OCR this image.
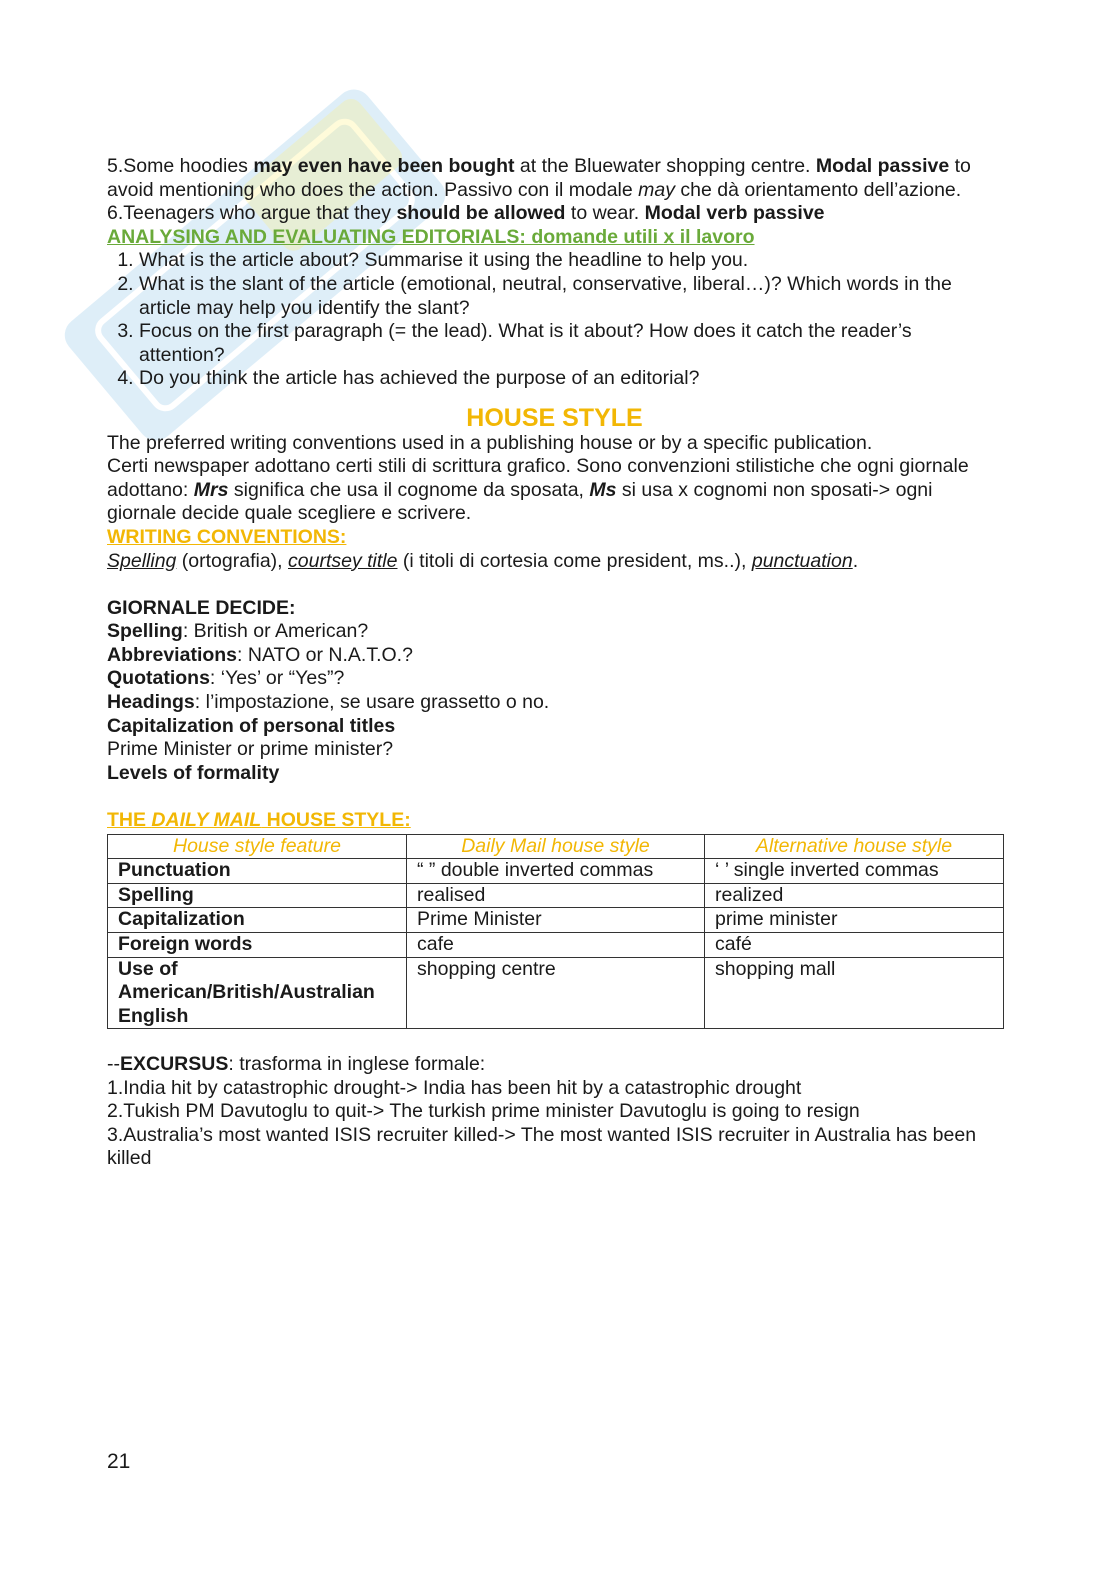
5.Some hoodies may even have been bought at the Bluewater shopping centre. Modal passive to avoid mentioning who does the action. Passivo con il modale may che dà orientamento dell’azione.

6.Teenagers who argue that they should be allowed to wear. Modal verb passive

ANALYSING AND EVALUATING EDITORIALS: domande utili x il lavoro

1. What is the article about? Summarise it using the headline to help you.
2. What is the slant of the article (emotional, neutral, conservative, liberal…)? Which words in the article may help you identify the slant?
3. Focus on the first paragraph (= the lead). What is it about? How does it catch the reader’s attention?
4. Do you think the article has achieved the purpose of an editorial?

HOUSE STYLE

The preferred writing conventions used in a publishing house or by a specific publication.

Certi newspaper adottano certi stili di scrittura grafico. Sono convenzioni stilistiche che ogni giornale adottano: Mrs significa che usa il cognome da sposata, Ms si usa x cognomi non sposati-> ogni giornale decide quale scegliere e scrivere.

WRITING CONVENTIONS:

Spelling (ortografia), courtsey title (i titoli di cortesia come president, ms..), punctuation.

GIORNALE DECIDE:

Spelling: British or American?

Abbreviations: NATO or N.A.T.O.?

Quotations: ‘Yes’ or “Yes”?

Headings: l’impostazione, se usare grassetto o no.

Capitalization of personal titles

Prime Minister or prime minister?

Levels of formality

THE DAILY MAIL HOUSE STYLE:

House style feature	Daily Mail house style	Alternative house style
Punctuation	“ ” double inverted commas	‘ ’ single inverted commas
Spelling	realised	realized
Capitalization	Prime Minister	prime minister
Foreign words	cafe	café
Use of American/British/Australian English	shopping centre	shopping mall

--EXCURSUS: trasforma in inglese formale:

1.India hit by catastrophic drought-> India has been hit by a catastrophic drought

2.Tukish PM Davutoglu to quit-> The turkish prime minister Davutoglu is going to resign

3.Australia’s most wanted ISIS recruiter killed-> The most wanted ISIS recruiter in Australia has been killed

21
